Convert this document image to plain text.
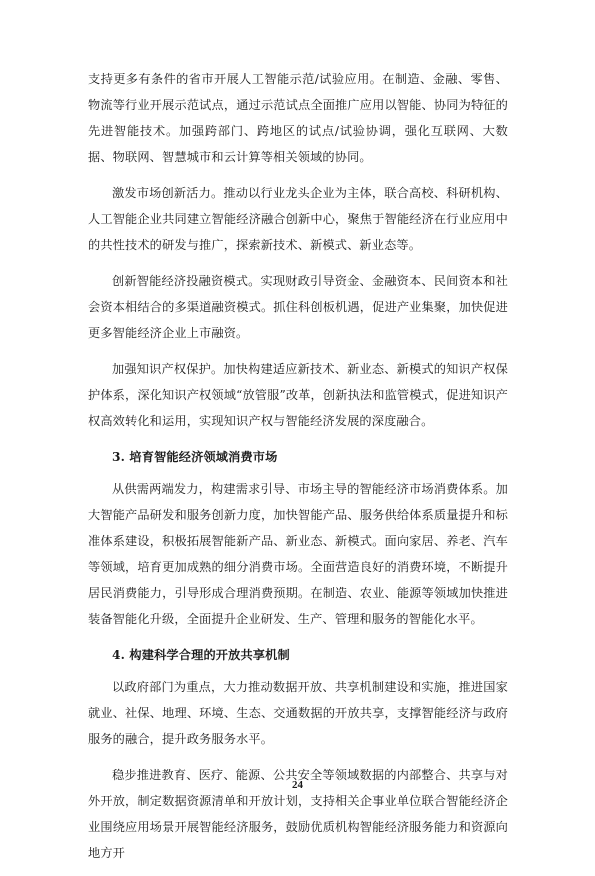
支持更多有条件的省市开展人工智能示范/试验应用。在制造、金融、零售、物流等行业开展示范试点，通过示范试点全面推广应用以智能、协同为特征的先进智能技术。加强跨部门、跨地区的试点/试验协调，强化互联网、大数据、物联网、智慧城市和云计算等相关领域的协同。

激发市场创新活力。推动以行业龙头企业为主体，联合高校、科研机构、人工智能企业共同建立智能经济融合创新中心，聚焦于智能经济在行业应用中的共性技术的研发与推广，探索新技术、新模式、新业态等。

创新智能经济投融资模式。实现财政引导资金、金融资本、民间资本和社会资本相结合的多渠道融资模式。抓住科创板机遇，促进产业集聚，加快促进更多智能经济企业上市融资。

加强知识产权保护。加快构建适应新技术、新业态、新模式的知识产权保护体系，深化知识产权领域“放管服”改革，创新执法和监管模式，促进知识产权高效转化和运用，实现知识产权与智能经济发展的深度融合。

3. 培育智能经济领域消费市场

从供需两端发力，构建需求引导、市场主导的智能经济市场消费体系。加大智能产品研发和服务创新力度，加快智能产品、服务供给体系质量提升和标准体系建设，积极拓展智能新产品、新业态、新模式。面向家居、养老、汽车等领域，培育更加成熟的细分消费市场。全面营造良好的消费环境，不断提升居民消费能力，引导形成合理消费预期。在制造、农业、能源等领域加快推进装备智能化升级，全面提升企业研发、生产、管理和服务的智能化水平。

4. 构建科学合理的开放共享机制

以政府部门为重点，大力推动数据开放、共享机制建设和实施，推进国家就业、社保、地理、环境、生态、交通数据的开放共享，支撑智能经济与政府服务的融合，提升政务服务水平。

稳步推进教育、医疗、能源、公共安全等领域数据的内部整合、共享与对外开放，制定数据资源清单和开放计划，支持相关企事业单位联合智能经济企业围绕应用场景开展智能经济服务，鼓励优质机构智能经济服务能力和资源向地方开

24
